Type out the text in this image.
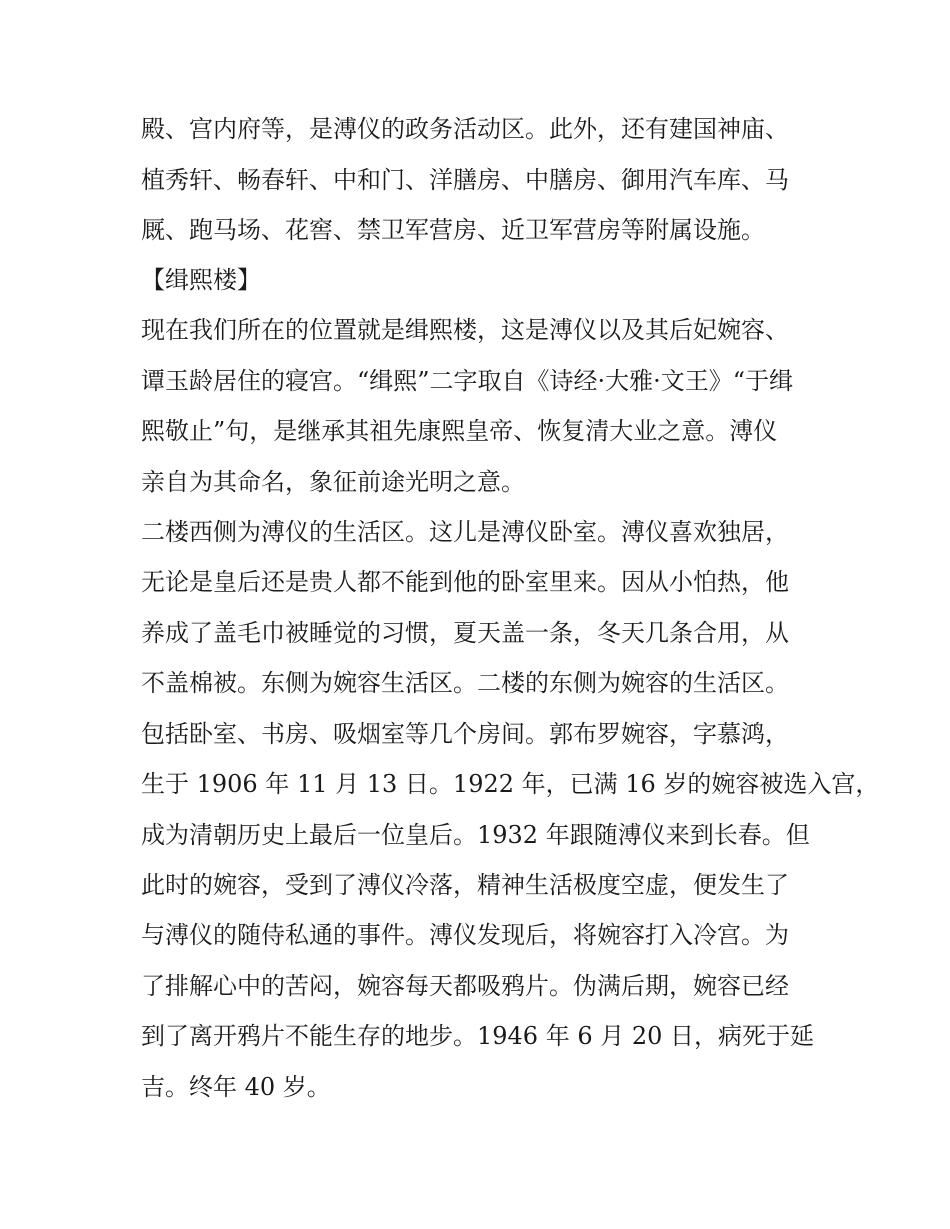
殿、宫内府等，是溥仪的政务活动区。此外，还有建国神庙、

植秀轩、畅春轩、中和门、洋膳房、中膳房、御用汽车库、马

厩、跑马场、花窖、禁卫军营房、近卫军营房等附属设施。

【缉熙楼】

现在我们所在的位置就是缉熙楼，这是溥仪以及其后妃婉容、

谭玉龄居住的寝宫。“缉熙”二字取自《诗经·大雅·文王》“于缉

熙敬止”句，是继承其祖先康熙皇帝、恢复清大业之意。溥仪

亲自为其命名，象征前途光明之意。

二楼西侧为溥仪的生活区。这儿是溥仪卧室。溥仪喜欢独居，

无论是皇后还是贵人都不能到他的卧室里来。因从小怕热，他

养成了盖毛巾被睡觉的习惯，夏天盖一条，冬天几条合用，从

不盖棉被。东侧为婉容生活区。二楼的东侧为婉容的生活区。

包括卧室、书房、吸烟室等几个房间。郭布罗婉容，字慕鸿，

生于 1906 年 11 月 13 日。1922 年，已满 16 岁的婉容被选入宫，

成为清朝历史上最后一位皇后。1932 年跟随溥仪来到长春。但

此时的婉容，受到了溥仪冷落，精神生活极度空虚，便发生了

与溥仪的随侍私通的事件。溥仪发现后，将婉容打入冷宫。为

了排解心中的苦闷，婉容每天都吸鸦片。伪满后期，婉容已经

到了离开鸦片不能生存的地步。1946 年 6 月 20 日，病死于延

吉。终年 40 岁。
